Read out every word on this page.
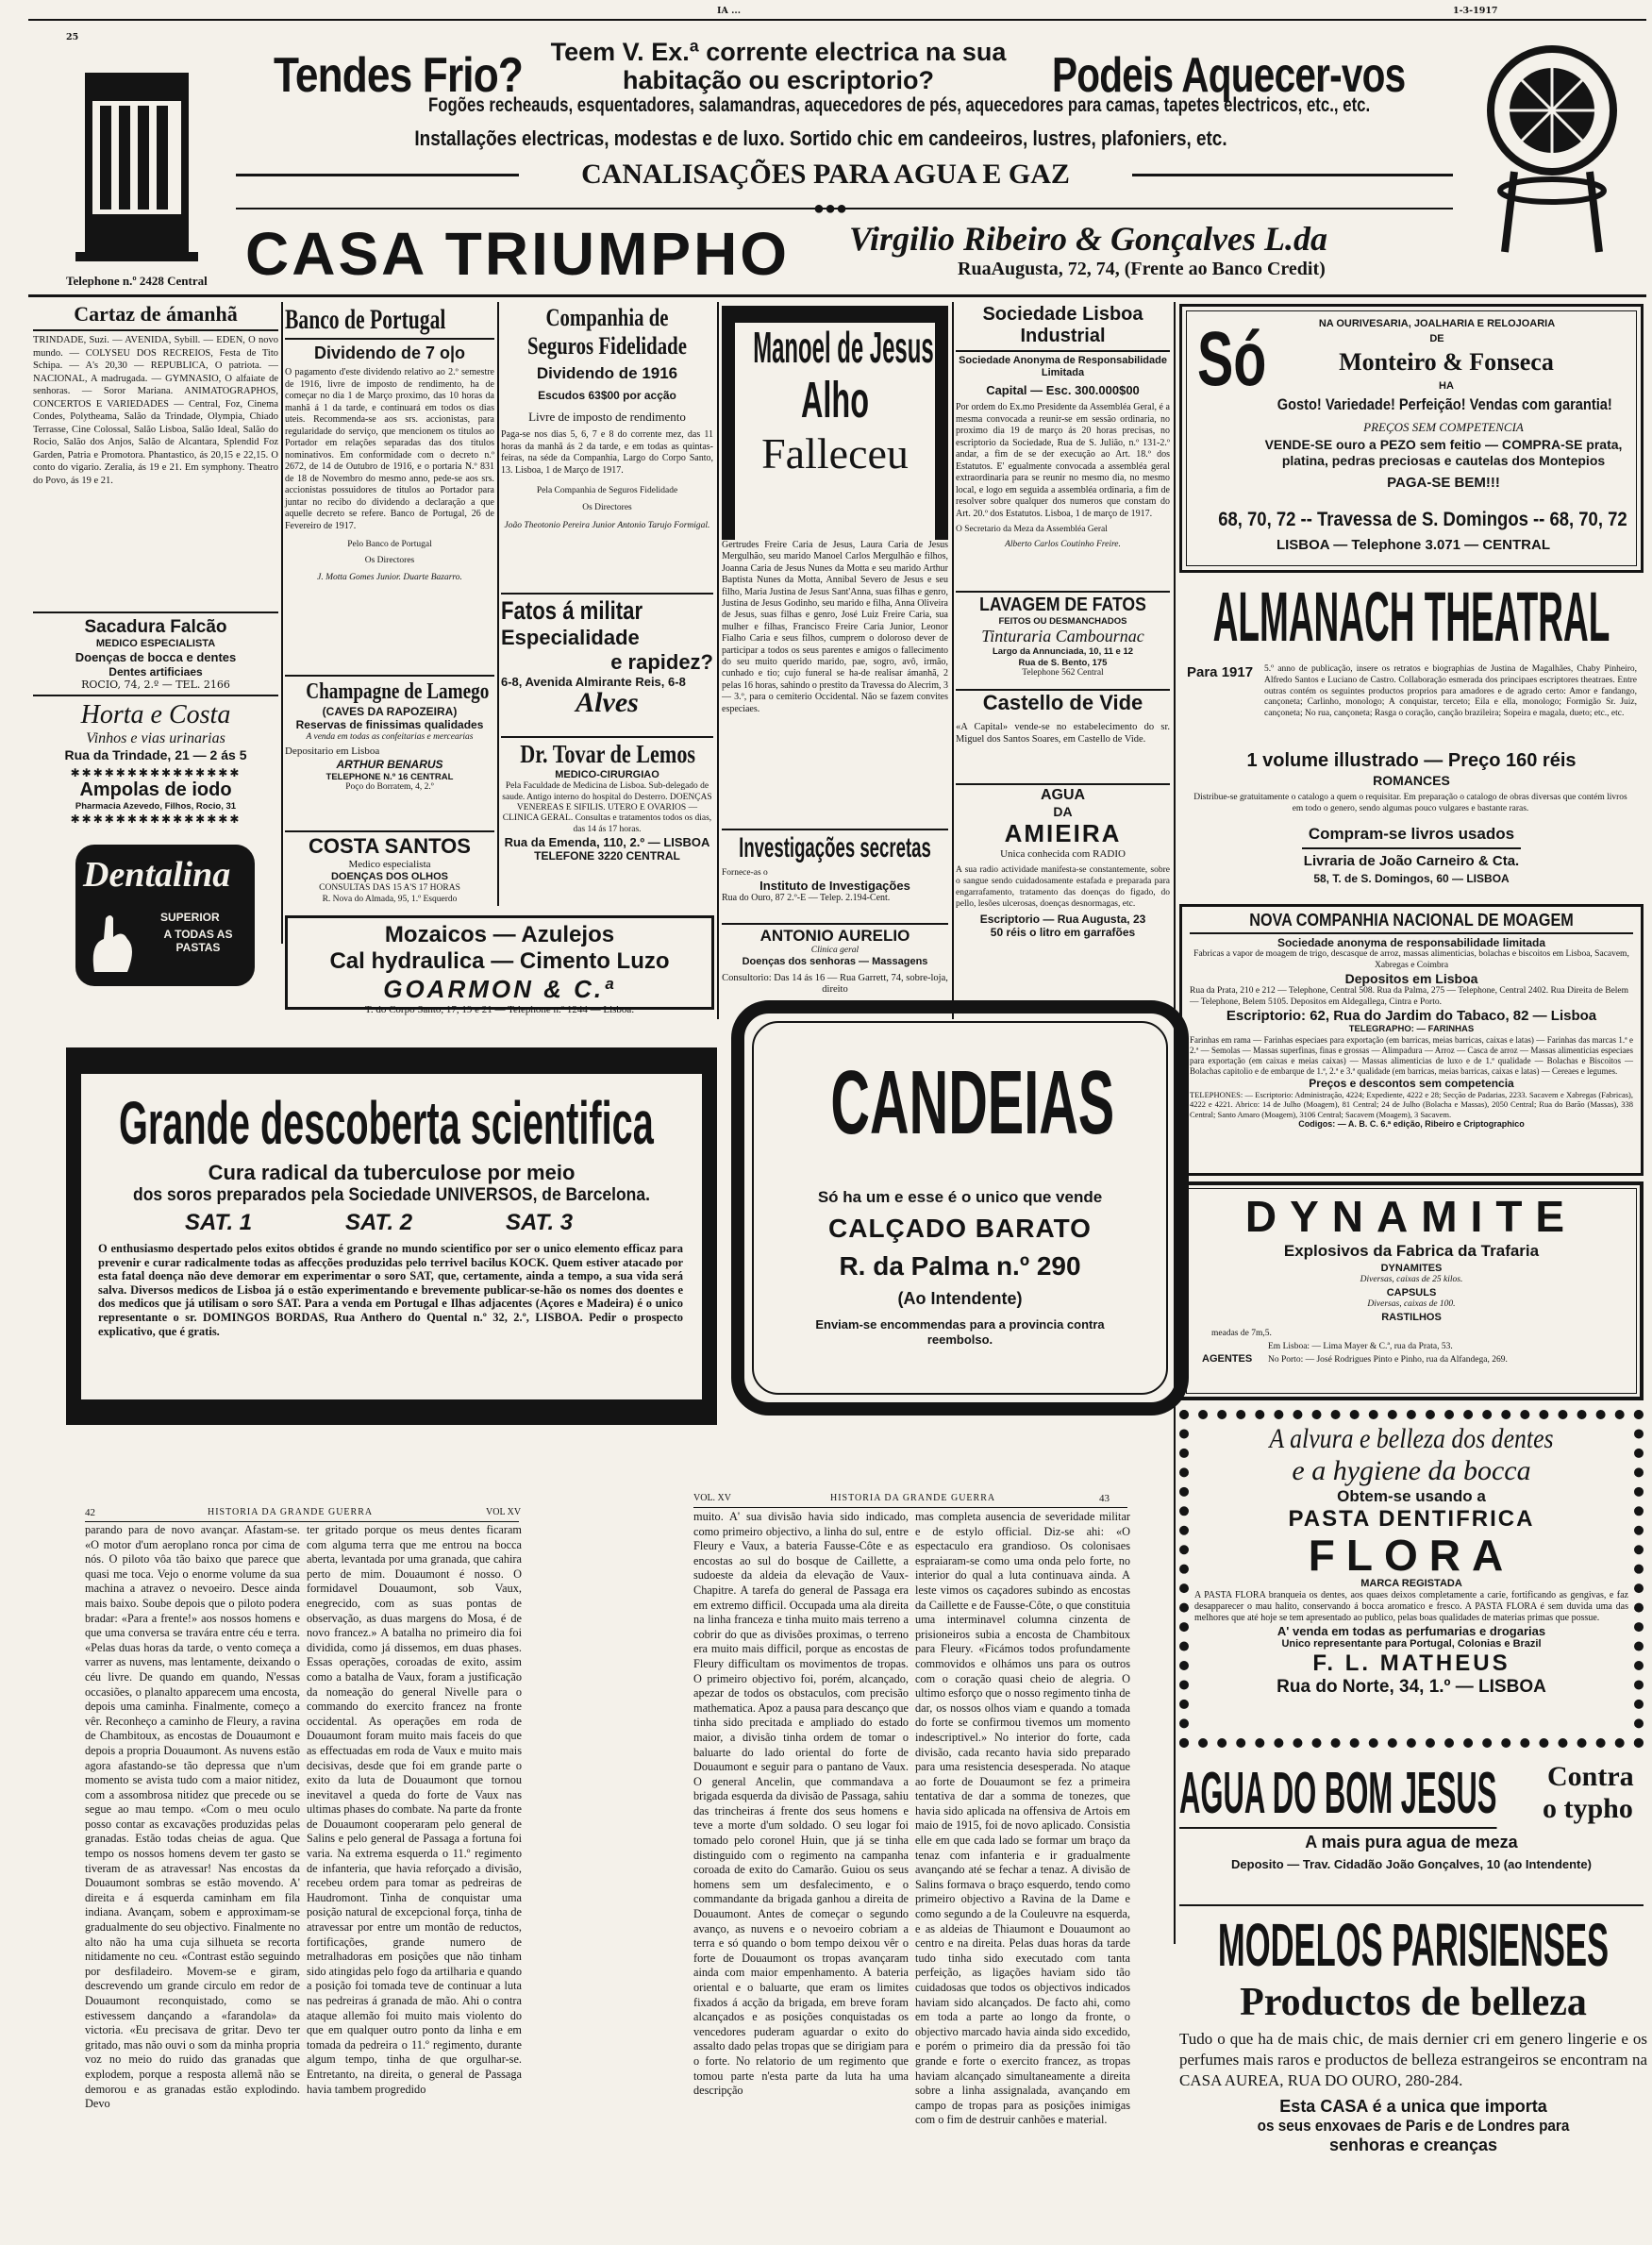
IA ...	1-3-1917
25
Telephone n.º 2428 Central
Tendes Frio?	Teem V. Ex.ª corrente electrica na sua habitação ou escriptorio?	Podeis Aquecer-vos
Fogões recheauds, esquentadores, salamandras, aquecedores de pés, aquecedores para camas, tapetes electricos, etc., etc.
Installações electricas, modestas e de luxo. Sortido chic em candeeiros, lustres, plafoniers, etc.
CANALISAÇÕES PARA AGUA E GAZ
●●●
CASA TRIUMPHO Virgilio Ribeiro & Gonçalves L.da
RuaAugusta, 72, 74, (Frente ao Banco Credit)
Cartaz de ámanhã
TRINDADE, Suzi. — AVENIDA, Sybill. — EDEN, O novo mundo. — COLYSEU DOS RECREIOS, Festa de Tito Schipa. — A's 20,30 — REPUBLICA, O patriota. — NACIONAL, A madrugada. — GYMNASIO, O alfaiate de senhoras. — Soror Mariana. ANIMATOGRAPHOS, CONCERTOS E VARIEDADES — Central, Foz, Cinema Condes, Polytheama, Salão da Trindade, Olympia, Chiado Terrasse, Cine Colossal, Salão Lisboa, Salão Ideal, Salão do Rocio, Salão dos Anjos, Salão de Alcantara, Splendid Foz Garden, Patria e Promotora. Phantastico, ás 20,15 e 22,15. O conto do vigario. Zeralia, ás 19 e 21. Em symphony. Theatro do Povo, ás 19 e 21.
Sacadura Falcão
MEDICO ESPECIALISTA
Doenças de bocca e dentes
Dentes artificiaes
ROCIO, 74, 2.º — TEL. 2166
Horta e Costa
Vinhos e vias urinarias
Rua da Trindade, 21 — 2 ás 5
✱✱✱✱✱✱✱✱✱✱✱✱✱✱✱
Ampolas de iodo
Pharmacia Azevedo, Filhos, Rocio, 31
✱✱✱✱✱✱✱✱✱✱✱✱✱✱✱
Dentalina
SUPERIOR
A TODAS AS PASTAS
Banco de Portugal
Dividendo de 7 o|o
O pagamento d'este dividendo relativo ao 2.º semestre de 1916, livre de imposto de rendimento, ha de começar no dia 1 de Março proximo, das 10 horas da manhã á 1 da tarde, e continuará em todos os dias uteis. Recommenda-se aos srs. accionistas, para regularidade do serviço, que mencionem os titulos ao Portador em relações separadas das dos titulos nominativos. Em conformidade com o decreto n.º 2672, de 14 de Outubro de 1916, e o portaria N.º 831 de 18 de Novembro do mesmo anno, pede-se aos srs. accionistas possuidores de titulos ao Portador para juntar no recibo do dividendo a declaração a que aquelle decreto se refere. Banco de Portugal, 26 de Fevereiro de 1917.
Pelo Banco de Portugal
Os Directores
J. Motta Gomes Junior. Duarte Bazarro.
Champagne de Lamego
(CAVES DA RAPOZEIRA)
Reservas de finissimas qualidades
A venda em todas as confeitarias e mercearias
Depositario em Lisboa
ARTHUR BENARUS
TELEPHONE N.º 16 CENTRAL
Poço do Borratem, 4, 2.º
COSTA SANTOS
Medico especialista
DOENÇAS DOS OLHOS
CONSULTAS DAS 15 A'S 17 HORAS
R. Nova do Almada, 95, 1.º Esquerdo
Companhia de Seguros Fidelidade
Dividendo de 1916
Escudos 63$00 por acção
Livre de imposto de rendimento
Paga-se nos dias 5, 6, 7 e 8 do corrente mez, das 11 horas da manhã ás 2 da tarde, e em todas as quintas-feiras, na séde da Companhia, Largo do Corpo Santo, 13. Lisboa, 1 de Março de 1917.
Pela Companhia de Seguros Fidelidade
Os Directores
João Theotonio Pereira Junior Antonio Tarujo Formigal.
Fatos á militar
Especialidade
e rapidez?
6-8, Avenida Almirante Reis, 6-8
Alves
Dr. Tovar de Lemos
MEDICO-CIRURGIAO
Pela Faculdade de Medicina de Lisboa. Sub-delegado de saude. Antigo interno do hospital do Desterro. DOENÇAS VENEREAS E SIFILIS. UTERO E OVARIOS — CLINICA GERAL. Consultas e tratamentos todos os dias, das 14 ás 17 horas.
Rua da Emenda, 110, 2.º — LISBOA
TELEFONE 3220 CENTRAL
Manoel de Jesus
Alho
Falleceu
Gertrudes Freire Caria de Jesus, Laura Caria de Jesus Mergulhão, seu marido Manoel Carlos Mergulhão e filhos, Joanna Caria de Jesus Nunes da Motta e seu marido Arthur Baptista Nunes da Motta, Annibal Severo de Jesus e seu filho, Maria Justina de Jesus Sant'Anna, suas filhas e genro, Justina de Jesus Godinho, seu marido e filha, Anna Oliveira de Jesus, suas filhas e genro, José Luiz Freire Caria, sua mulher e filhas, Francisco Freire Caria Junior, Leonor Fialho Caria e seus filhos, cumprem o doloroso dever de participar a todos os seus parentes e amigos o fallecimento do seu muito querido marido, pae, sogro, avô, irmão, cunhado e tio; cujo funeral se ha-de realisar ámanhã, 2 pelas 16 horas, sahindo o prestito da Travessa do Alecrim, 3 — 3.º, para o cemiterio Occidental. Não se fazem convites especiaes.
Investigações secretas
Fornece-as o
Instituto de Investigações
Rua do Ouro, 87 2.º-E — Telep. 2.194-Cent.
ANTONIO AURELIO
Clinica geral
Doenças dos senhoras — Massagens
Consultorio: Das 14 ás 16 — Rua Garrett, 74, sobre-loja, direito
Sociedade Lisboa Industrial
Sociedade Anonyma de Responsabilidade Limitada
Capital — Esc. 300.000$00
Por ordem do Ex.mo Presidente da Assembléa Geral, é a mesma convocada a reunir-se em sessão ordinaria, no proximo dia 19 de março ás 20 horas precisas, no escriptorio da Sociedade, Rua de S. Julião, n.º 131-2.º andar, a fim de se der execução ao Art. 18.º dos Estatutos. E' egualmente convocada a assembléa geral extraordinaria para se reunir no mesmo dia, no mesmo local, e logo em seguida a assembléa ordinaria, a fim de resolver sobre qualquer dos numeros que constam do Art. 20.º dos Estatutos. Lisboa, 1 de março de 1917.
O Secretario da Meza da Assembléa Geral
Alberto Carlos Coutinho Freire.
LAVAGEM DE FATOS
FEITOS OU DESMANCHADOS
Tinturaria Cambournac
Largo da Annunciada, 10, 11 e 12
Rua de S. Bento, 175
Telephone 562 Central
Castello de Vide
«A Capital» vende-se no estabelecimento do sr. Miguel dos Santos Soares, em Castello de Vide.
AGUA
DA
AMIEIRA
Unica conhecida com RADIO
A sua radio actividade manifesta-se constantemente, sobre o sangue sendo cuidadosamente estafada e preparada para engarrafamento, tratamento das doenças do figado, do pello, lesões ulcerosas, doenças desnormagas, etc.
Escriptorio — Rua Augusta, 23
50 réis o litro em garrafões
NA OURIVESARIA, JOALHARIA E RELOJOARIA
DE
Só	Monteiro & Fonseca
HA
Gosto! Variedade! Perfeição! Vendas com garantia!
PREÇOS SEM COMPETENCIA
VENDE-SE ouro a PEZO sem feitio — COMPRA-SE prata, platina, pedras preciosas e cautelas dos Montepios
PAGA-SE BEM!!!
68, 70, 72 -- Travessa de S. Domingos -- 68, 70, 72
LISBOA — Telephone 3.071 — CENTRAL
ALMANACH THEATRAL
Para 1917 5.º anno de publicação, insere os retratos e biographias de Justina de Magalhães, Chaby Pinheiro, Alfredo Santos e Luciano de Castro. Collaboração esmerada dos principaes escriptores theatraes. Entre outras contém os seguintes productos proprios para amadores e de agrado certo: Amor e fandango, cançoneta; Carlinho, monologo; A conquistar, terceto; Eila e ella, monologo; Formigão Sr. Juiz, cançoneta; No rua, cançoneta; Rasga o coração, canção brazileira; Sopeira e magala, dueto; etc., etc.
1 volume illustrado — Preço 160 réis
ROMANCES
Distribue-se gratuitamente o catalogo a quem o requisitar. Em preparação o catalogo de obras diversas que contém livros em todo o genero, sendo algumas pouco vulgares e bastante raras.
Compram-se livros usados
Livraria de João Carneiro & Cta.
58, T. de S. Domingos, 60 — LISBOA
NOVA COMPANHIA NACIONAL DE MOAGEM
Sociedade anonyma de responsabilidade limitada
Fabricas a vapor de moagem de trigo, descasque de arroz, massas alimenticias, bolachas e biscoitos em Lisboa, Sacavem, Xabregas e Coimbra
Depositos em Lisboa
Rua da Prata, 210 e 212 — Telephone, Central 508. Rua da Palma, 275 — Telephone, Central 2402. Rua Direita de Belem — Telephone, Belem 5105. Depositos em Aldegallega, Cintra e Porto.
Escriptorio: 62, Rua do Jardim do Tabaco, 82 — Lisboa
TELEGRAPHO: — FARINHAS
Farinhas em rama — Farinhas especiaes para exportação (em barricas, meias barricas, caixas e latas) — Farinhas das marcas 1.ª e 2.ª — Semolas — Massas superfinas, finas e grossas — Alimpadura — Arroz — Casca de arroz — Massas alimenticias especiaes para exportação (em caixas e meias caixas) — Massas alimenticias de luxo e de 1.ª qualidade — Bolachas e Biscoitos — Bolachas capitolio e de embarque de 1.ª, 2.ª e 3.ª qualidade (em barricas, meias barricas, caixas e latas) — Cereaes e legumes.
Preços e descontos sem competencia
TELEPHONES: — Escriptorio: Administração, 4224; Expediente, 4222 e 28; Secção de Padarias, 2233. Sacavem e Xabregas (Fabricas), 4222 e 4221. Abrico: 14 de Julho (Moagem), 81 Central; 24 de Julho (Bolacha e Massas), 2050 Central; Rua do Barão (Massas), 338 Central; Santo Amaro (Moagem), 3106 Central; Sacavem (Moagem), 3 Sacavem.
Codigos: — A. B. C. 6.ª edição, Ribeiro e Criptographico
DYNAMITE
Explosivos da Fabrica da Trafaria
DYNAMITES
Diversas, caixas de 25 kilos.
CAPSULS
Diversas, caixas de 100.
RASTILHOS
meadas de 7m,5.
AGENTES
Em Lisboa: — Lima Mayer & C.ª, rua da Prata, 53.
No Porto: — José Rodrigues Pinto e Pinho, rua da Alfandega, 269.
A alvura e belleza dos dentes
e a hygiene da bocca
Obtem-se usando a
PASTA DENTIFRICA
FLORA
MARCA REGISTADA
A PASTA FLORA branqueia os dentes, aos quaes deixos completamente a carie, fortificando as gengivas, e faz desapparecer o mau halito, conservando á bocca aromatico e fresco. A PASTA FLORA é sem duvida uma das melhores que até hoje se tem apresentado ao publico, pelas boas qualidades de materias primas que possue.
A' venda em todas as perfumarias e drogarias
Unico representante para Portugal, Colonias e Brazil
F. L. MATHEUS
Rua do Norte, 34, 1.º — LISBOA
AGUA DO BOM JESUS Contra
o typho
A mais pura agua de meza
Deposito — Trav. Cidadão João Gonçalves, 10 (ao Intendente)
MODELOS PARISIENSES
Productos de belleza
Tudo o que ha de mais chic, de mais dernier cri em genero lingerie e os perfumes mais raros e productos de belleza estrangeiros se encontram na CASA AUREA, RUA DO OURO, 280-284.
Esta CASA é a unica que importa
os seus enxovaes de Paris e de Londres para
senhoras e creanças
Mozaicos — Azulejos
Cal hydraulica — Cimento Luzo
GOARMON & C.ª
T. do Corpo Santo, 17, 19 e 21 — Telephone n.º 1244 — Lisboa.
Grande descoberta scientifica
Cura radical da tuberculose por meio
dos soros preparados pela Sociedade UNIVERSOS, de Barcelona.
SAT. 1	SAT. 2	SAT. 3
O enthusiasmo despertado pelos exitos obtidos é grande no mundo scientifico por ser o unico elemento efficaz para prevenir e curar radicalmente todas as affecções produzidas pelo terrivel bacilus KOCK. Quem estiver atacado por esta fatal doença não deve demorar em experimentar o soro SAT, que, certamente, ainda a tempo, a sua vida será salva. Diversos medicos de Lisboa já o estão experimentando e brevemente publicar-se-hão os nomes dos doentes e dos medicos que já utilisam o soro SAT. Para a venda em Portugal e Ilhas adjacentes (Açores e Madeira) é o unico representante o sr. DOMINGOS BORDAS, Rua Anthero do Quental n.º 32, 2.º, LISBOA. Pedir o prospecto explicativo, que é gratis.
CANDEIAS
Só ha um e esse é o unico que vende
CALÇADO BARATO
R. da Palma n.º 290
(Ao Intendente)
Enviam-se encommendas para a provincia contra reembolso.
42	HISTORIA DA GRANDE GUERRA	VOL XV
parando para de novo avançar. Afastam-se. «O motor d'um aeroplano ronca por cima de nós. O piloto vôa tão baixo que parece que quasi me toca. Vejo o enorme volume da sua machina a atravez o nevoeiro. Desce ainda mais baixo. Soube depois que o piloto podera bradar: «Para a frente!» aos nossos homens e que uma conversa se travára entre céu e terra. «Pelas duas horas da tarde, o vento começa a varrer as nuvens, mas lentamente, deixando o céu livre. De quando em quando, N'essas occasiões, o planalto apparecem uma encosta, depois uma caminha. Finalmente, começo a vêr. Reconheço a caminho de Fleury, a ravina de Chambitoux, as encostas de Douaumont e depois a propria Douaumont. As nuvens estão agora afastando-se tão depressa que n'um momento se avista tudo com a maior nitidez, com a assombrosa nitidez que precede ou se segue ao mau tempo. «Com o meu oculo posso contar as excavações produzidas pelas granadas. Estão todas cheias de agua. Que tempo os nossos homens devem ter gasto se tiveram de as atravessar! Nas encostas da Douaumont sombras se estão movendo. A' direita e á esquerda caminham em fila indiana. Avançam, sobem e approximam-se gradualmente do seu objectivo. Finalmente no alto não ha uma cuja silhueta se recorta nitidamente no ceu. «Contrast estão seguindo por desfiladeiro. Movem-se e giram, descrevendo um grande circulo em redor de Douaumont reconquistado, como se estivessem dançando a «farandola» da victoria. «Eu precisava de gritar. Devo ter gritado, mas não ouvi o som da minha propria voz no meio do ruido das granadas que explodem, porque a resposta allemã não se demorou e as granadas estão explodindo. Devo
ter gritado porque os meus dentes ficaram com alguma terra que me entrou na bocca aberta, levantada por uma granada, que cahira perto de mim. Douaumont é nosso. O formidavel Douaumont, sob Vaux, enegrecido, com as suas pontas de observação, as duas margens do Mosa, é de novo francez.» A batalha no primeiro dia foi dividida, como já dissemos, em duas phases. Essas operações, coroadas de exito, assim como a batalha de Vaux, foram a justificação da nomeação do general Nivelle para o commando do exercito francez na fronte occidental. As operações em roda de Douaumont foram muito mais faceis do que as effectuadas em roda de Vaux e muito mais decisivas, desde que foi em grande parte o exito da luta de Douaumont que tornou inevitavel a queda do forte de Vaux nas ultimas phases do combate. Na parte da fronte de Douaumont cooperaram pelo general de Salins e pelo general de Passaga a fortuna foi varia. Na extrema esquerda o 11.º regimento de infanteria, que havia reforçado a divisão, recebeu ordem para tomar as pedreiras de Haudromont. Tinha de conquistar uma posição natural de excepcional força, tinha de atravessar por entre um montão de reductos, fortificações, grande numero de metralhadoras em posições que não tinham sido atingidas pelo fogo da artilharia e quando a posição foi tomada teve de continuar a luta nas pedreiras á granada de mão. Ahi o contra ataque allemão foi muito mais violento do que em qualquer outro ponto da linha e em tomada da pedreira o 11.º regimento, durante algum tempo, tinha de que orgulhar-se. Entretanto, na direita, o general de Passaga havia tambem progredido
VOL. XV	HISTORIA DA GRANDE GUERRA	43
muito. A' sua divisão havia sido indicado, como primeiro objectivo, a linha do sul, entre Fleury e Vaux, a bateria Fausse-Côte e as encostas ao sul do bosque de Caillette, a sudoeste da aldeia da elevação de Vaux-Chapitre. A tarefa do general de Passaga era em extremo difficil. Occupada uma ala direita na linha franceza e tinha muito mais terreno a cobrir do que as divisões proximas, o terreno era muito mais difficil, porque as encostas de Fleury difficultam os movimentos de tropas. O primeiro objectivo foi, porém, alcançado, apezar de todos os obstaculos, com precisão mathematica. Apoz a pausa para descanço que tinha sido precitada e ampliado do estado maior, a divisão tinha ordem de tomar o baluarte do lado oriental do forte de Douaumont e seguir para o pantano de Vaux. O general Ancelin, que commandava a brigada esquerda da divisão de Passaga, sahiu das trincheiras á frente dos seus homens e teve a morte d'um soldado. O seu logar foi tomado pelo coronel Huin, que já se tinha distinguido com o regimento na campanha coroada de exito do Camarão. Guiou os seus homens sem um desfalecimento, e o commandante da brigada ganhou a direita de Douaumont. Antes de começar o segundo avanço, as nuvens e o nevoeiro cobriam a terra e só quando o bom tempo deixou vêr o forte de Douaumont os tropas avançaram ainda com maior empenhamento. A bateria oriental e o baluarte, que eram os limites fixados á acção da brigada, em breve foram alcançados e as posições conquistadas os vencedores puderam aguardar o exito do assalto dado pelas tropas que se dirigiam para o forte. No relatorio de um regimento que tomou parte n'esta parte da luta ha uma descripção
mas completa ausencia de severidade militar e de estylo official. Diz-se ahi: «O espectaculo era grandioso. Os colonisaes espraiaram-se como uma onda pelo forte, no interior do qual a luta continuava ainda. A leste vimos os caçadores subindo as encostas da Caillette e de Fausse-Côte, o que constituia uma interminavel columna cinzenta de prisioneiros subia a encosta de Chambitoux para Fleury. «Ficámos todos profundamente commovidos e olhámos uns para os outros com o coração quasi cheio de alegria. O ultimo esforço que o nosso regimento tinha de dar, os nossos olhos viam e quando a tomada do forte se confirmou tivemos um momento indescriptivel.» No interior do forte, cada divisão, cada recanto havia sido preparado para uma resistencia desesperada. No ataque ao forte de Douaumont se fez a primeira tentativa de dar a somma de tonezes, que havia sido aplicada na offensiva de Artois em maio de 1915, foi de novo aplicado. Consistia elle em que cada lado se formar um braço da tenaz com infanteria e ir gradualmente avançando até se fechar a tenaz. A divisão de Salins formava o braço esquerdo, tendo como primeiro objectivo a Ravina de la Dame e como segundo a de la Couleuvre na esquerda, e as aldeias de Thiaumont e Douaumont ao centro e na direita. Pelas duas horas da tarde tudo tinha sido executado com tanta perfeição, as ligações haviam sido tão cuidadosas que todos os objectivos indicados haviam sido alcançados. De facto ahi, como em toda a parte ao longo da fronte, o objectivo marcado havia ainda sido excedido, e porém o primeiro dia da pressão foi tão grande e forte o exercito francez, as tropas haviam alcançado simultaneamente a direita sobre a linha assignalada, avançando em campo de tropas para as posições inimigas com o fim de destruir canhões e material.
